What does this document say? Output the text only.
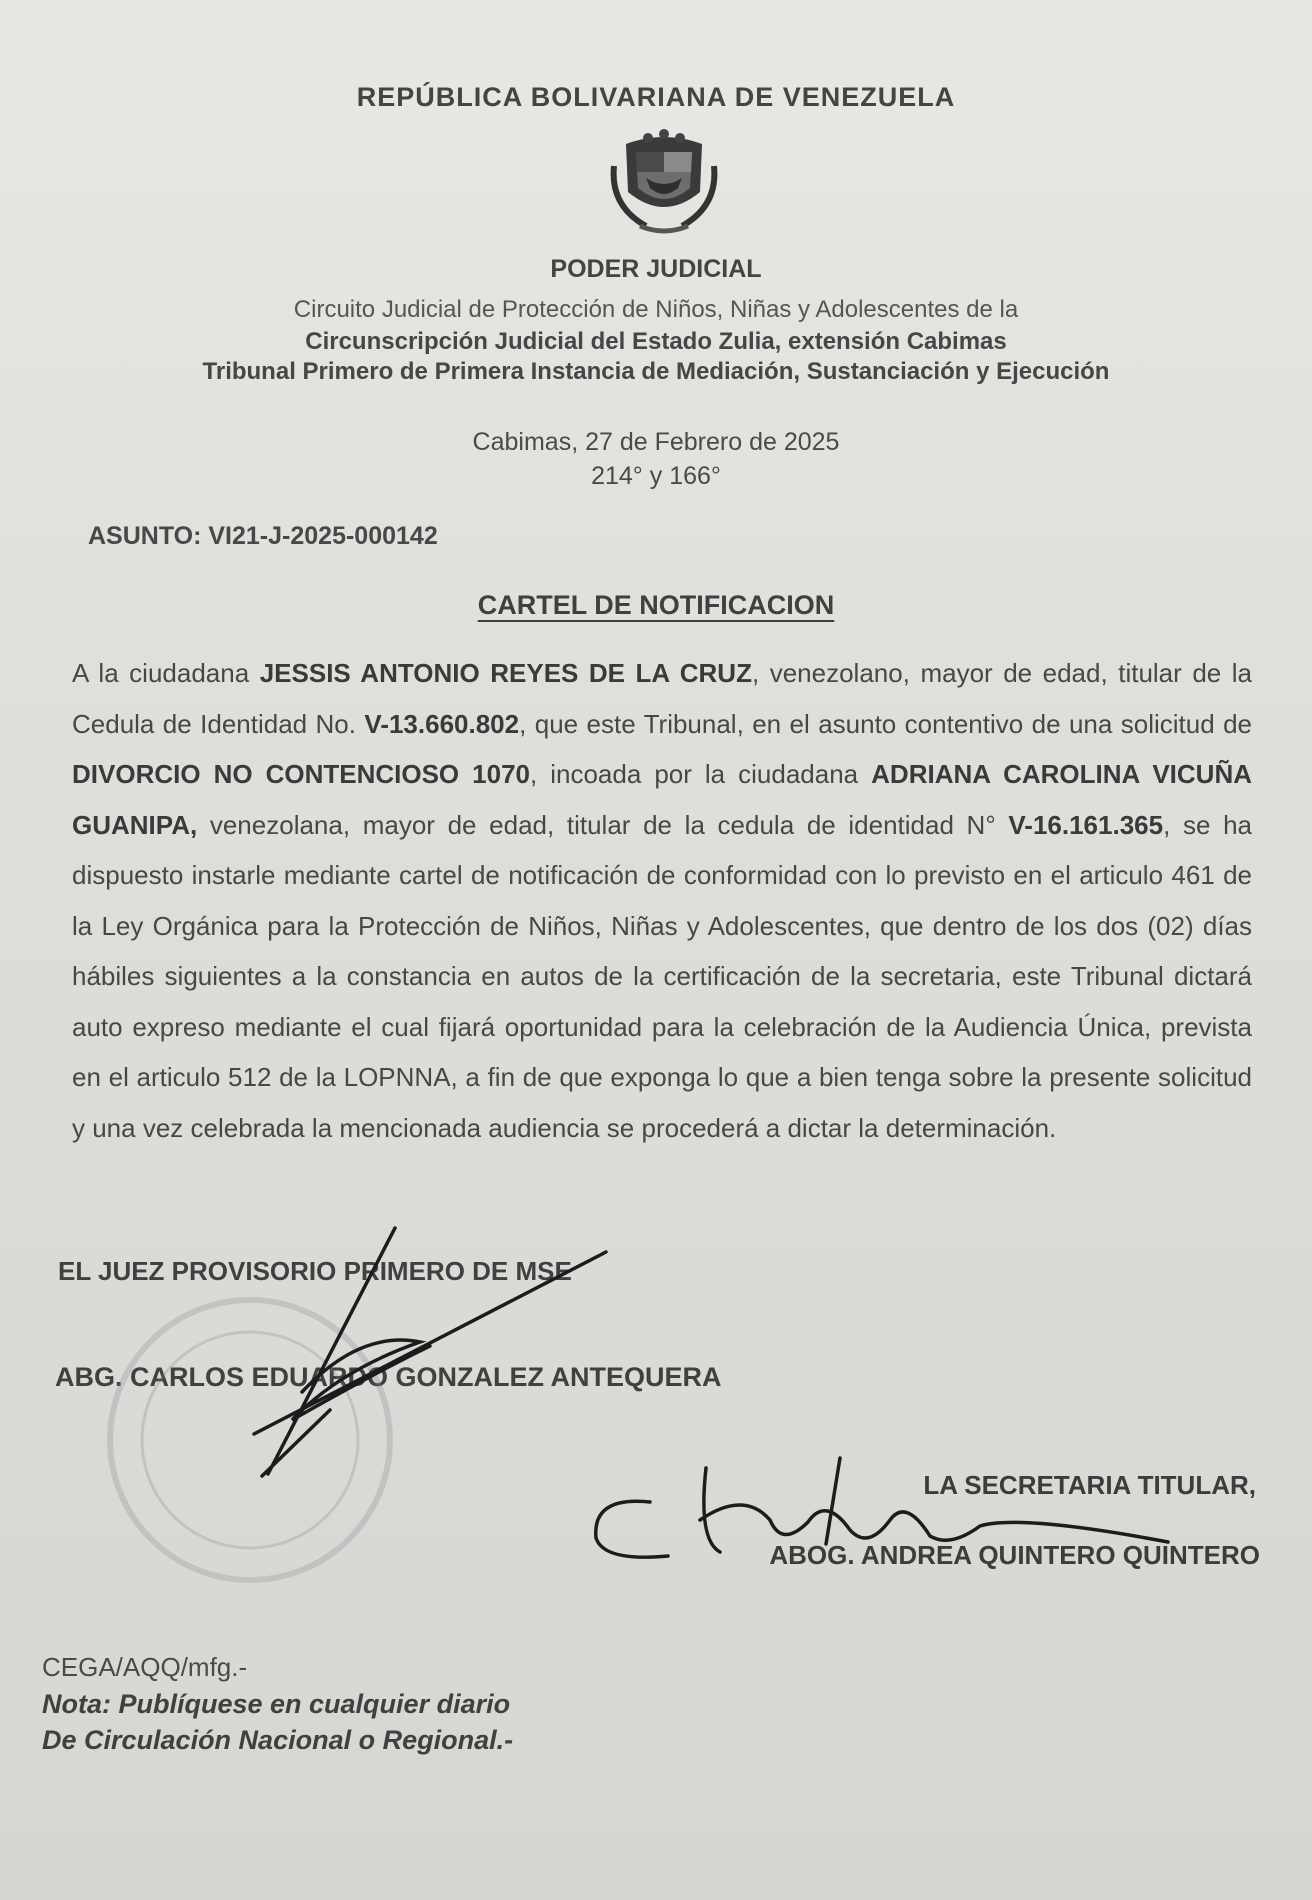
REPÚBLICA BOLIVARIANA DE VENEZUELA
PODER JUDICIAL
Circuito Judicial de Protección de Niños, Niñas y Adolescentes de la
Circunscripción Judicial del Estado Zulia, extensión Cabimas
Tribunal Primero de Primera Instancia de Mediación, Sustanciación y Ejecución
Cabimas, 27 de Febrero de 2025
214° y 166°
ASUNTO: VI21-J-2025-000142
CARTEL DE NOTIFICACION
A la ciudadana JESSIS ANTONIO REYES DE LA CRUZ, venezolano, mayor de edad, titular de la Cedula de Identidad No. V-13.660.802, que este Tribunal, en el asunto contentivo de una solicitud de DIVORCIO NO CONTENCIOSO 1070, incoada por la ciudadana ADRIANA CAROLINA VICUÑA GUANIPA, venezolana, mayor de edad, titular de la cedula de identidad N° V-16.161.365, se ha dispuesto instarle mediante cartel de notificación de conformidad con lo previsto en el articulo 461 de la Ley Orgánica para la Protección de Niños, Niñas y Adolescentes, que dentro de los dos (02) días hábiles siguientes a la constancia en autos de la certificación de la secretaria, este Tribunal dictará auto expreso mediante el cual fijará oportunidad para la celebración de la Audiencia Única, prevista en el articulo 512 de la LOPNNA, a fin de que exponga lo que a bien tenga sobre la presente solicitud y una vez celebrada la mencionada audiencia se procederá a dictar la determinación.
EL JUEZ PROVISORIO PRIMERO DE MSE
ABG. CARLOS EDUARDO GONZALEZ ANTEQUERA
LA SECRETARIA TITULAR,
ABOG. ANDREA QUINTERO QUINTERO
CEGA/AQQ/mfg.-
Nota: Publíquese en cualquier diario
De Circulación Nacional o Regional.-
